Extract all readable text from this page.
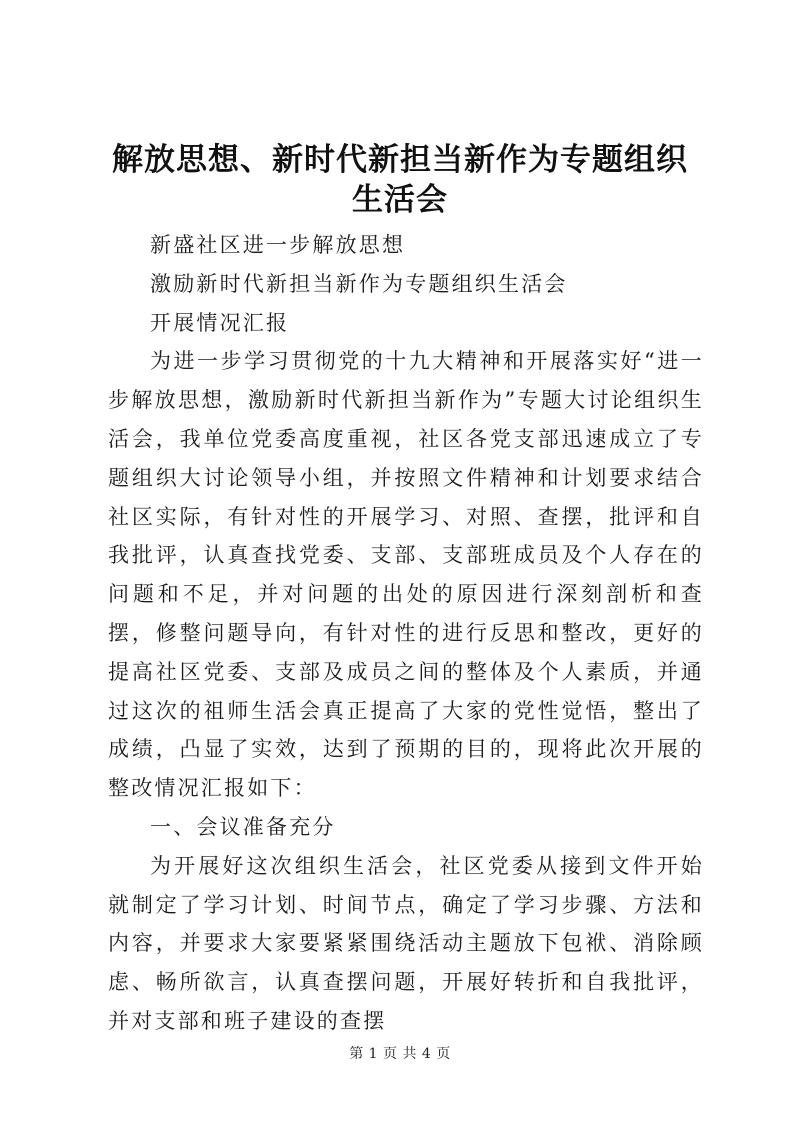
解放思想、新时代新担当新作为专题组织生活会

新盛社区进一步解放思想

激励新时代新担当新作为专题组织生活会

开展情况汇报

为进一步学习贯彻党的十九大精神和开展落实好“进一步解放思想，激励新时代新担当新作为”专题大讨论组织生活会，我单位党委高度重视，社区各党支部迅速成立了专题组织大讨论领导小组，并按照文件精神和计划要求结合社区实际，有针对性的开展学习、对照、查摆，批评和自我批评，认真查找党委、支部、支部班成员及个人存在的问题和不足，并对问题的出处的原因进行深刻剖析和查摆，修整问题导向，有针对性的进行反思和整改，更好的提高社区党委、支部及成员之间的整体及个人素质，并通过这次的祖师生活会真正提高了大家的党性觉悟，整出了成绩，凸显了实效，达到了预期的目的，现将此次开展的整改情况汇报如下：

一、会议准备充分

为开展好这次组织生活会，社区党委从接到文件开始就制定了学习计划、时间节点，确定了学习步骤、方法和内容，并要求大家要紧紧围绕活动主题放下包袱、消除顾虑、畅所欲言，认真查摆问题，开展好转折和自我批评，并对支部和班子建设的查摆

第 1 页 共 4 页
